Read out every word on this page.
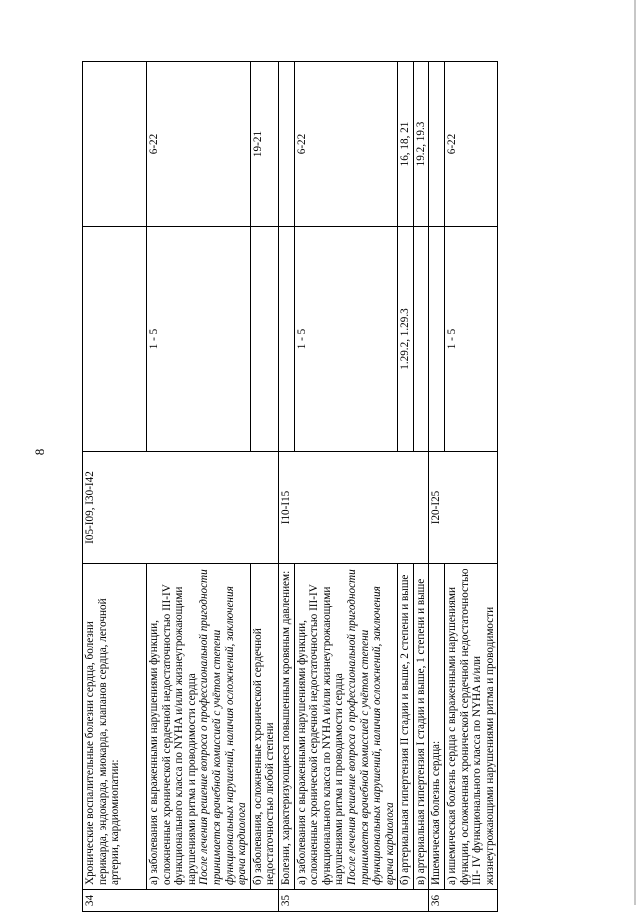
8
34	Хронические воспалительные болезни сердца, болезни перикарда, эндокарда, миокарда, клапанов сердца, легочной артерии, кардиомиопатии:	I05-I09, I30-I42		

	а) заболевания с выраженными нарушениями функции, осложненные хронической сердечной недостаточностью III-IV функционального класса по NYHA и/или жизнеугрожающими нарушениями ритма и проводимости сердца После лечения решение вопроса о профессиональной пригодности принимается врачебной комиссией с учётом степени функциональных нарушений, наличия осложнений, заключения врача кардиолога		1 - 5	6-22

	б) заболевания, осложненные хронической сердечной недостаточностью любой степени			19-21
35	Болезни, характеризующиеся повышенным кровяным давлением:	I10-I15		

	а) заболевания с выраженными нарушениями функции, осложненные хронической сердечной недостаточностью III-IV функционального класса по NYHA и/или жизнеугрожающими нарушениями ритма и проводимости сердца После лечения решение вопроса о профессиональной пригодности принимается врачебной комиссией с учётом степени функциональных нарушений, наличия осложнений, заключения врача кардиолога		1 - 5	6-22

	б) артериальная гипертензия II стадии и выше, 2 степени и выше		1.29.2, 1.29.3	16, 18, 21

	в) артериальная гипертензия I стадии и выше, 1 степени и выше			19.2, 19.3
36	Ишемическая болезнь сердца:	I20-I25		

	а) ишемическая болезнь сердца с выраженными нарушениями функции, осложненная хронической сердечной недостаточностью III- IV функционального класса по NYHA и/или жизнеугрожающими нарушениями ритма и проводимости		1 - 5	6-22
